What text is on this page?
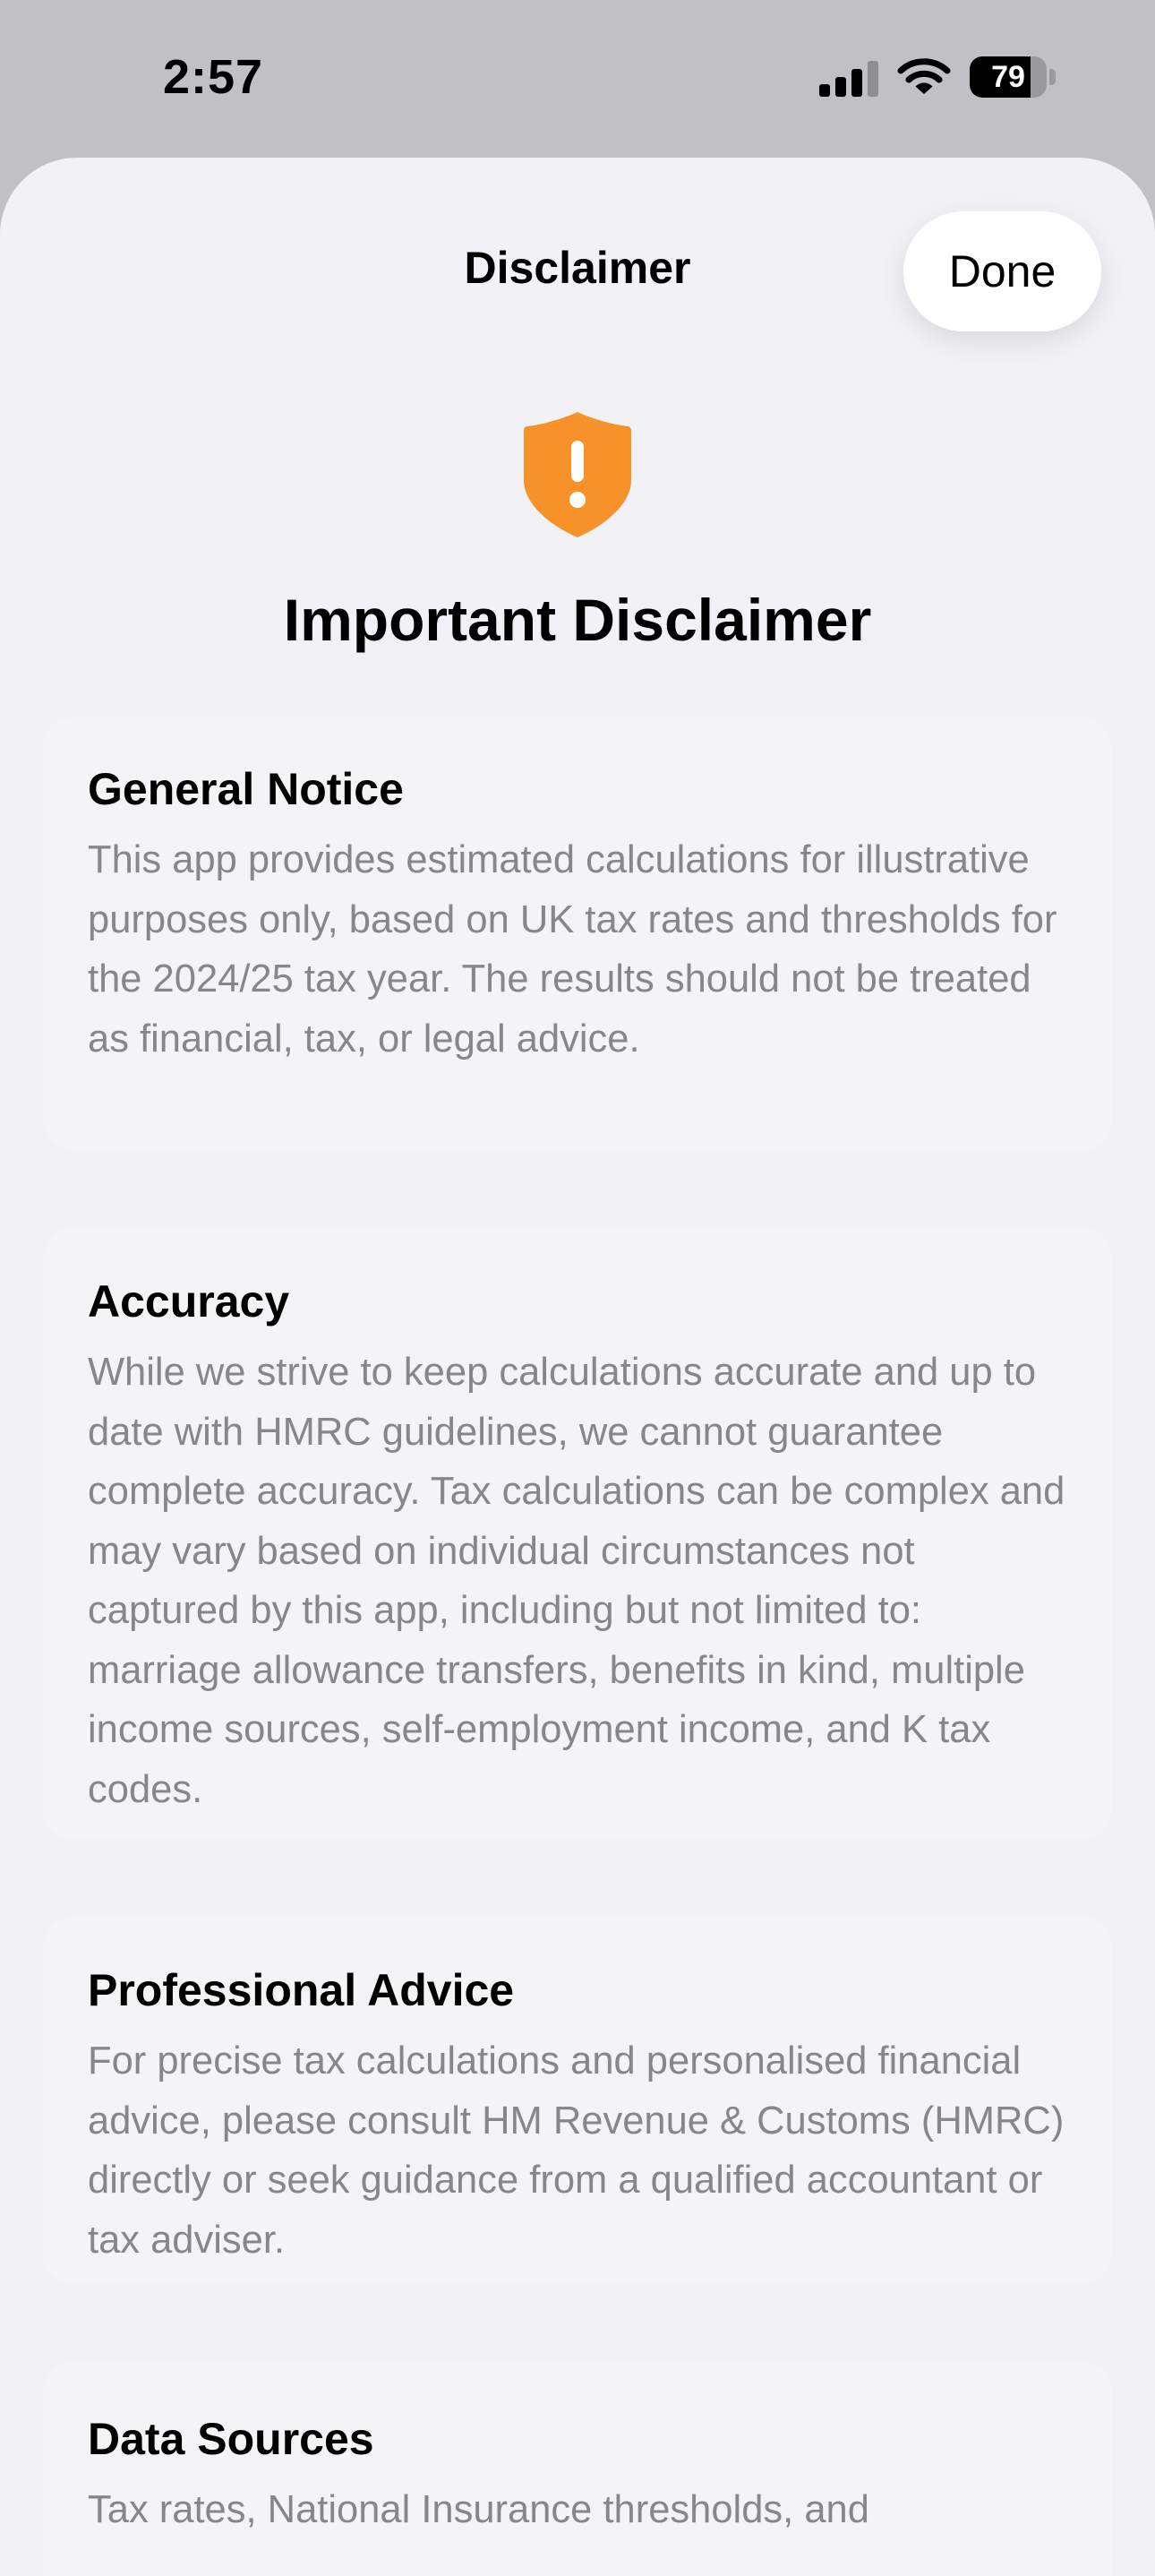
2:57	79
Disclaimer	Done
Important Disclaimer
General Notice

This app provides estimated calculations for illustrative purposes only, based on UK tax rates and thresholds for the 2024/25 tax year. The results should not be treated as financial, tax, or legal advice.

Accuracy

While we strive to keep calculations accurate and up to date with HMRC guidelines, we cannot guarantee complete accuracy. Tax calculations can be complex and may vary based on individual circumstances not captured by this app, including but not limited to: marriage allowance transfers, benefits in kind, multiple income sources, self-employment income, and K tax codes.

Professional Advice

For precise tax calculations and personalised financial advice, please consult HM Revenue & Customs (HMRC) directly or seek guidance from a qualified accountant or tax adviser.

Data Sources

Tax rates, National Insurance thresholds, and
